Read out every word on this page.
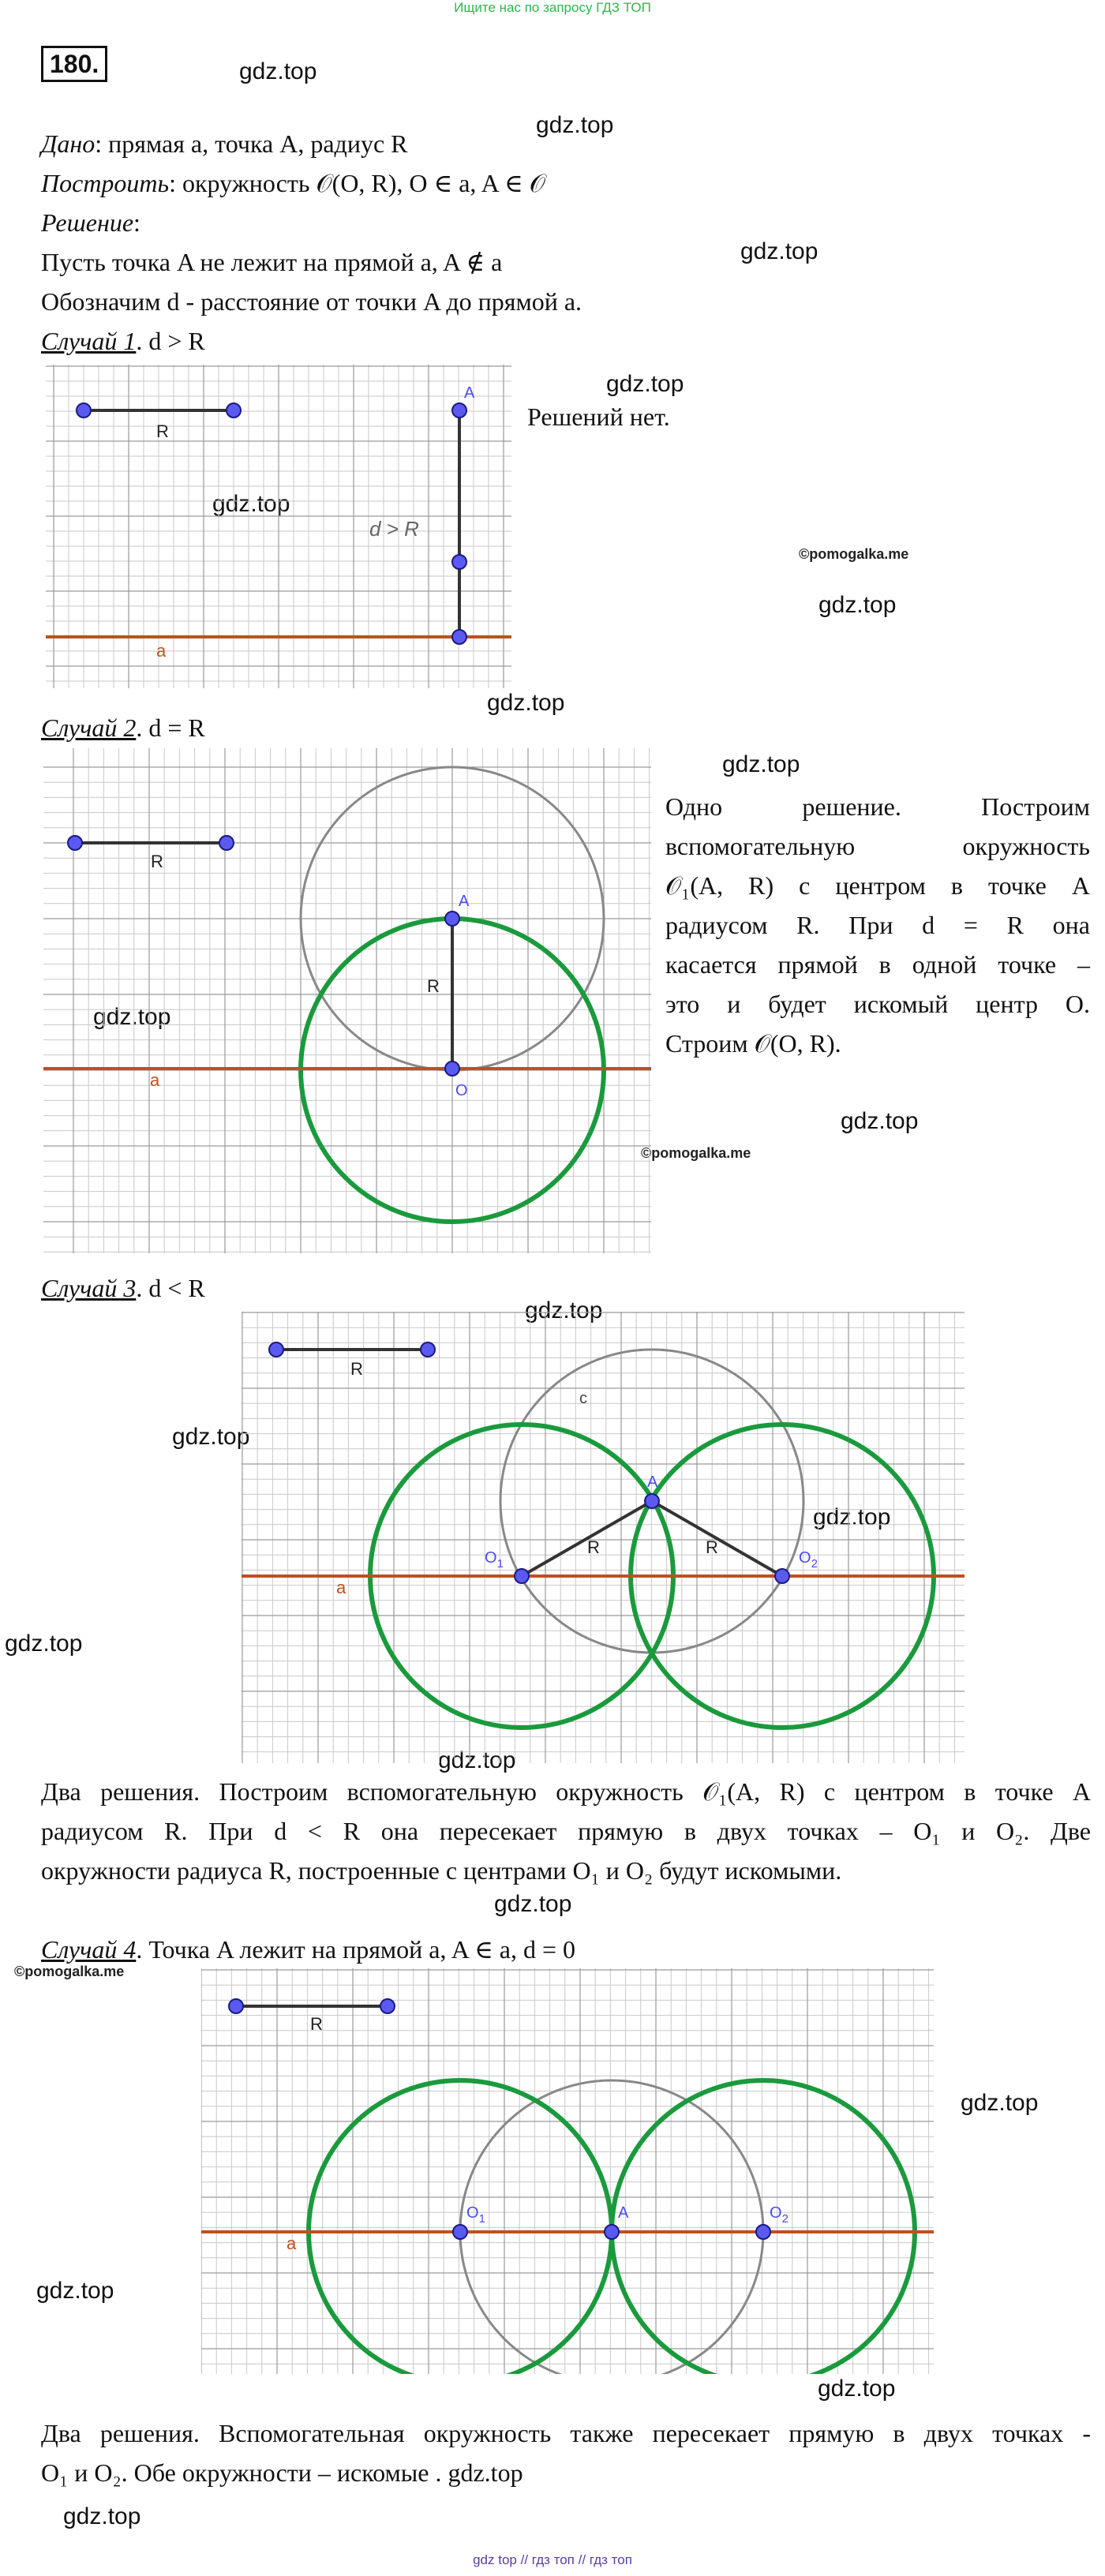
Ищите нас по запросу ГДЗ ТОП
180.	gdz.top
gdz.top
gdz.top
gdz.top
gdz.top
©pomogalka.me
gdz.top
gdz.top
gdz.top
gdz.top
gdz.top
©pomogalka.me
gdz.top
gdz.top
gdz.top
gdz.top
gdz.top
gdz.top
©pomogalka.me
gdz.top
gdz.top
gdz.top
gdz.top
Дано: прямая a, точка A, радиус R
Построить: окружность 𝒪(O, R), O ∈ a, A ∈ 𝒪
Решение:
Пусть точка A не лежит на прямой a, A ∉ a
Обозначим d - расстояние от точки A до прямой a.
Случай 1. d > R
Решений нет.
R
a
d > R
A
Случай 2. d = R
Одно решение. Построим
вспомогательную окружность
𝒪₁(A, R) с центром в точке A
радиусом R. При d = R она
касается прямой в одной точке –
это и будет искомый центр O.
Строим 𝒪(O, R).
a
R
R
A
O
Случай 3. d < R
a
R
R	R
c
A
$O_1$	$O_2$
Два решения. Построим вспомогательную окружность 𝒪₁(A, R) с центром в точке A
радиусом R. При d < R она пересекает прямую в двух точках – O₁ и O₂. Две
окружности радиуса R, построенные с центрами O₁ и O₂ будут искомыми.
Случай 4. Точка A лежит на прямой a, A ∈ a, d = 0
a
R
$O_1$	A	$O_2$
Два решения. Вспомогательная окружность также пересекает прямую в двух точках -
O₁ и O₂. Обе окружности – искомые . gdz.top
gdz top // гдз топ // гдз топ
